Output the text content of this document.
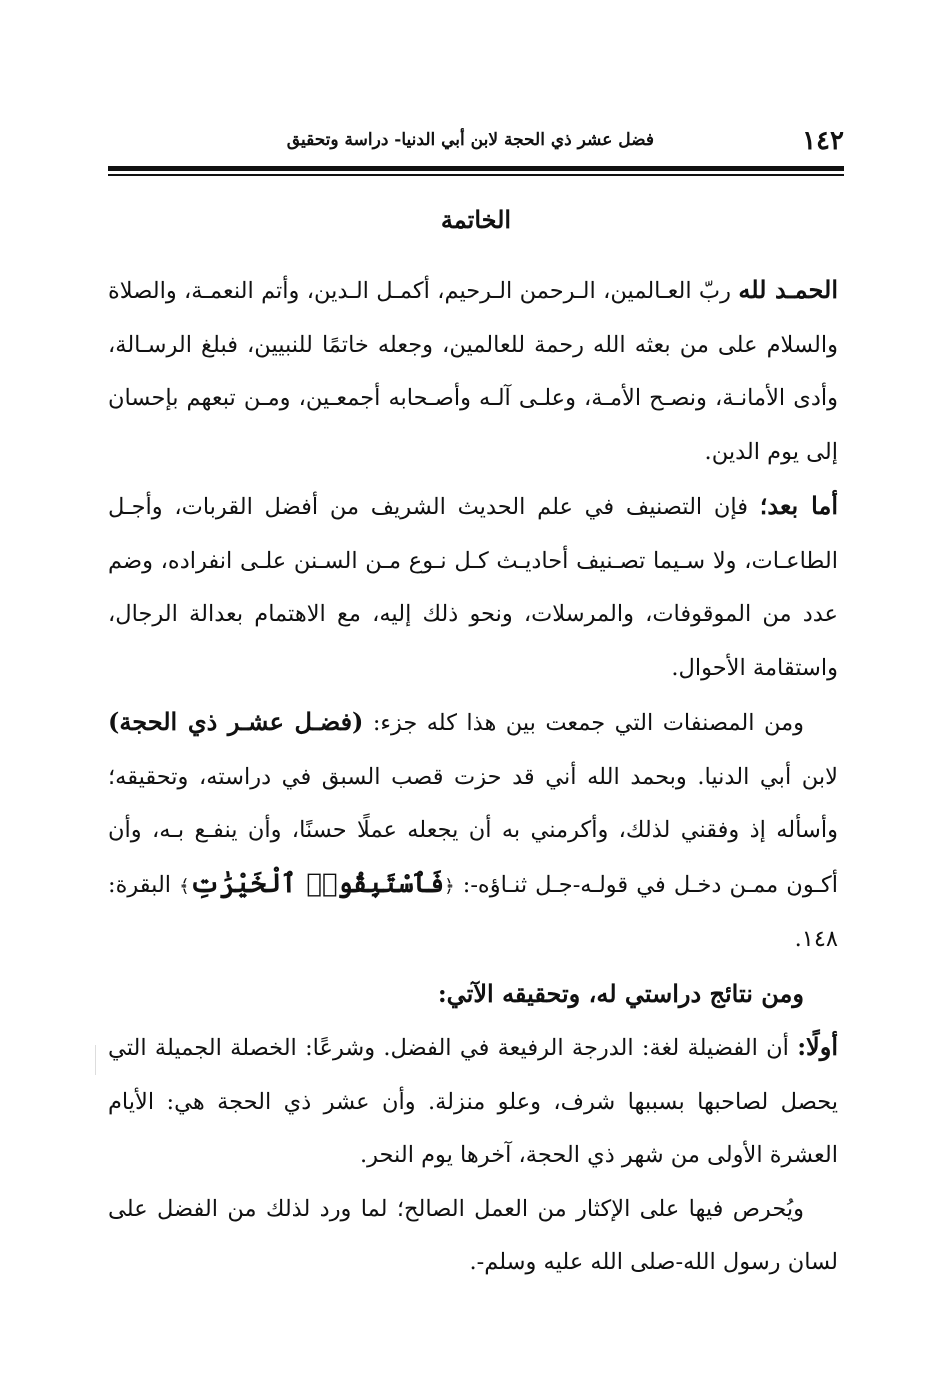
١٤٢
فضل عشر ذي الحجة لابن أبي الدنيا- دراسة وتحقيق
الخاتمة

الحمـد لله ربّ العـالمين، الـرحمن الـرحيم، أكمـل الـدين، وأتم النعمـة، والصلاة والسلام على من بعثه الله رحمة للعالمين، وجعله خاتمًا للنبيين، فبلغ الرسـالة، وأدى الأمانـة، ونصـح الأمـة، وعلـى آلـه وأصـحابه أجمعـين، ومـن تبعهم بإحسان إلى يوم الدين.

أما بعد؛ فإن التصنيف في علم الحديث الشريف من أفضل القربات، وأجـل الطاعـات، ولا سـيما تصـنيف أحاديـث كـل نـوع مـن السـنن علـى انفراده، وضم عدد من الموقوفات، والمرسلات، ونحو ذلك إليه، مع الاهتمام بعدالة الرجال، واستقامة الأحوال.

ومن المصنفات التي جمعت بين هذا كله جزء: (فضـل عشـر ذي الحجة) لابن أبي الدنيا. وبحمد الله أني قد حزت قصب السبق في دراسته، وتحقيقه؛ وأسأله إذ وفقني لذلك، وأكرمني به أن يجعله عملًا حسنًا، وأن ينفـع بـه، وأن أكـون ممـن دخـل في قولـه-جـل ثنـاؤه-: ﴿فَٱسْتَبِقُوا۟ ٱلْخَيْرَٰتِ﴾ البقرة: ١٤٨.

ومن نتائج دراستي له، وتحقيقه الآتي:

أولًا: أن الفضيلة لغة: الدرجة الرفيعة في الفضل. وشرعًا: الخصلة الجميلة التي يحصل لصاحبها بسببها شرف، وعلو منزلة. وأن عشر ذي الحجة هي: الأيام العشرة الأولى من شهر ذي الحجة، آخرها يوم النحر.

ويُحرص فيها على الإكثار من العمل الصالح؛ لما ورد لذلك من الفضل على لسان رسول الله-صلى الله عليه وسلم-.
